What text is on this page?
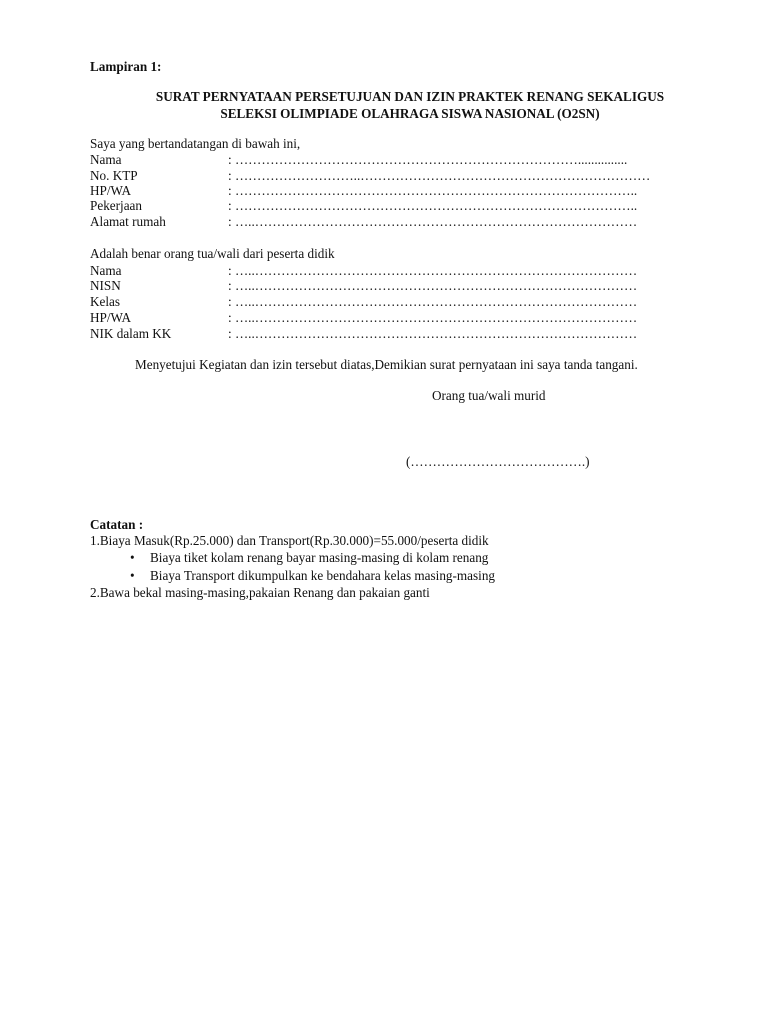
Lampiran 1:
SURAT PERNYATAAN PERSETUJUAN DAN IZIN PRAKTEK RENANG SEKALIGUS
SELEKSI OLIMPIADE OLAHRAGA SISWA NASIONAL (O2SN)
Saya yang bertandatangan di bawah ini,
Nama	: ……………………………………………………………………...............
No. KTP	: ………………………..…………………………………………………………
HP/WA	: ………………………………………………………………………………..
Pekerjaan	: ………………………………………………………………………………..
Alamat rumah	: …..……………………………………………………………………………
Adalah benar orang tua/wali dari peserta didik
Nama	: …..……………………………………………………………………………
NISN	: …..……………………………………………………………………………
Kelas	: …..……………………………………………………………………………
HP/WA	: …..……………………………………………………………………………
NIK dalam KK	: …..……………………………………………………………………………
Menyetujui Kegiatan dan izin tersebut diatas,Demikian surat pernyataan ini saya tanda tangani.
Orang tua/wali murid
(………………………………….)
Catatan :
1.Biaya Masuk(Rp.25.000) dan Transport(Rp.30.000)=55.000/peserta didik
• Biaya tiket kolam renang bayar masing-masing di kolam renang
• Biaya Transport dikumpulkan ke bendahara kelas masing-masing
2.Bawa bekal masing-masing,pakaian Renang dan pakaian ganti
